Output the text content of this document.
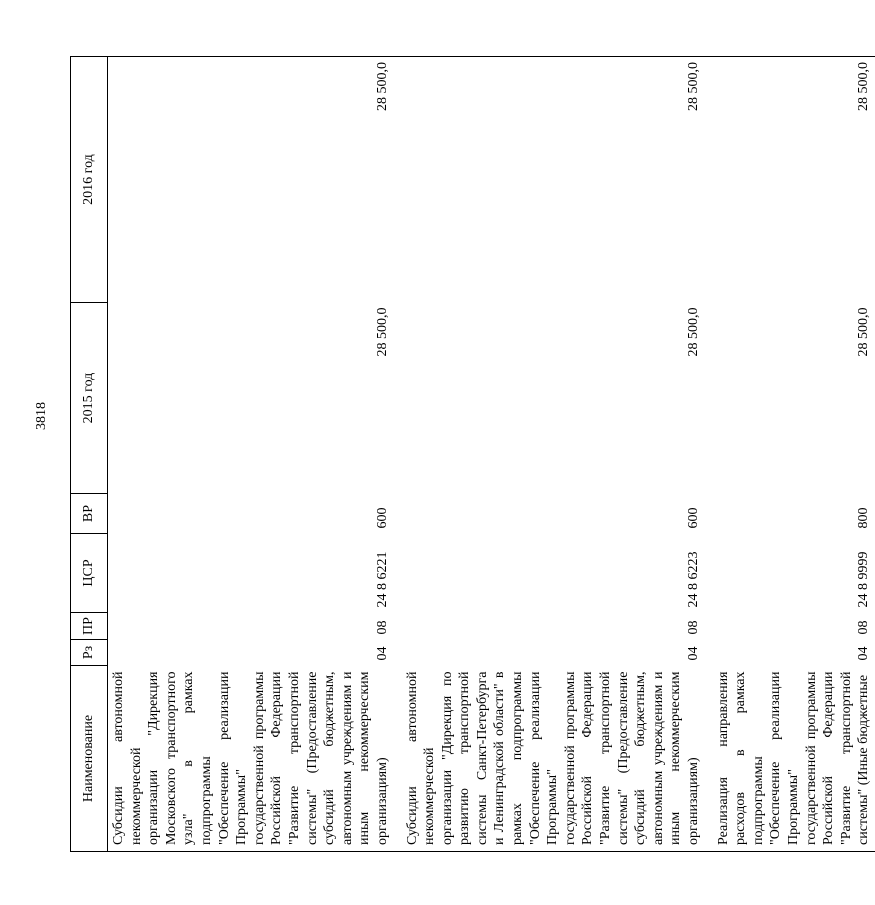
3818
Наименование	Рз	ПР	ЦСР	ВР	2015 год	2016 год
Субсидии автономной некоммерческой организации "Дирекция Московского транспортного узла" в рамках подпрограммы "Обеспечение реализации Программы" государственной программы Российской Федерации "Развитие транспортной системы" (Предоставление субсидий бюджетным, автономным учреждениям и иным некоммерческим организациям)	04	08	24 8 6221	600	28 500,0	28 500,0
Субсидии автономной некоммерческой организации "Дирекция по развитию транспортной системы Санкт-Петербурга и Ленинградской области" в рамках подпрограммы "Обеспечение реализации Программы" государственной программы Российской Федерации "Развитие транспортной системы" (Предоставление субсидий бюджетным, автономным учреждениям и иным некоммерческим организациям)	04	08	24 8 6223	600	28 500,0	28 500,0
Реализация направления расходов в рамках подпрограммы "Обеспечение реализации Программы" государственной программы Российской Федерации "Развитие транспортной системы" (Иные бюджетные	04	08	24 8 9999	800	28 500,0	28 500,0
